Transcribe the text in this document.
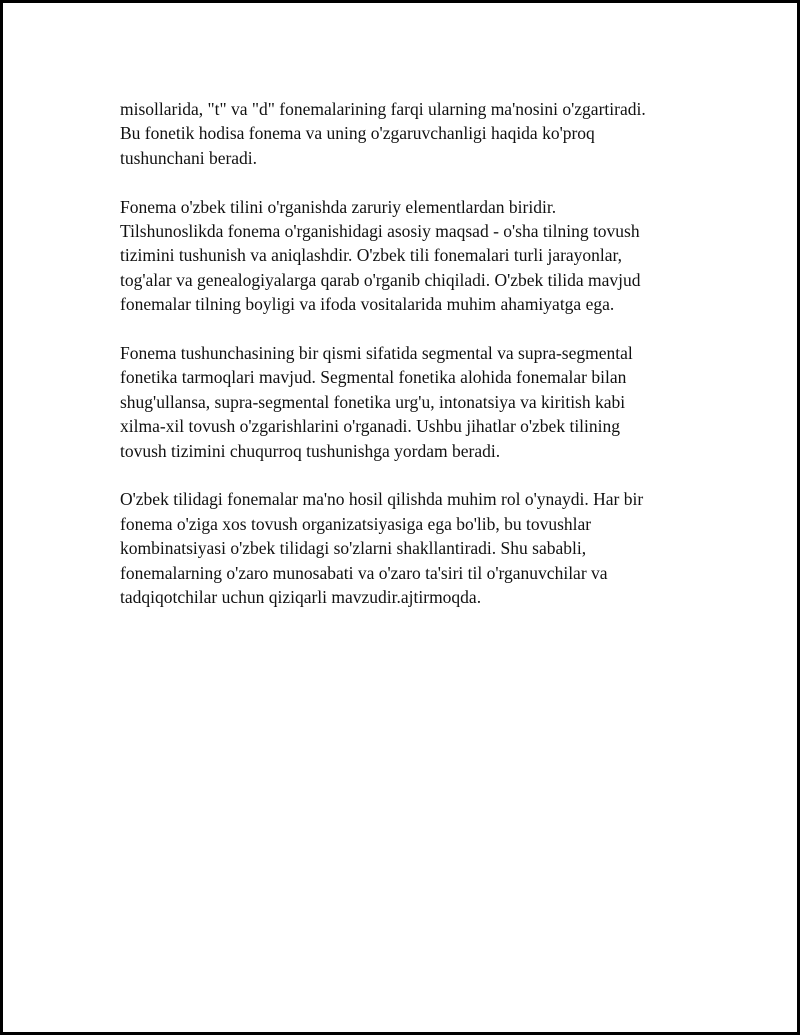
misollarida, "t" va "d" fonemalarining farqi ularning ma'nosini o'zgartiradi.
Bu fonetik hodisa fonema va uning o'zgaruvchanligi haqida ko'proq
tushunchani beradi.

Fonema o'zbek tilini o'rganishda zaruriy elementlardan biridir.
Tilshunoslikda fonema o'rganishidagi asosiy maqsad - o'sha tilning tovush
tizimini tushunish va aniqlashdir. O'zbek tili fonemalari turli jarayonlar,
tog'alar va genealogiyalarga qarab o'rganib chiqiladi. O'zbek tilida mavjud
fonemalar tilning boyligi va ifoda vositalarida muhim ahamiyatga ega.

Fonema tushunchasining bir qismi sifatida segmental va supra-segmental
fonetika tarmoqlari mavjud. Segmental fonetika alohida fonemalar bilan
shug'ullansa, supra-segmental fonetika urg'u, intonatsiya va kiritish kabi
xilma-xil tovush o'zgarishlarini o'rganadi. Ushbu jihatlar o'zbek tilining
tovush tizimini chuqurroq tushunishga yordam beradi.

O'zbek tilidagi fonemalar ma'no hosil qilishda muhim rol o'ynaydi. Har bir
fonema o'ziga xos tovush organizatsiyasiga ega bo'lib, bu tovushlar
kombinatsiyasi o'zbek tilidagi so'zlarni shakllantiradi. Shu sababli,
fonemalarning o'zaro munosabati va o'zaro ta'siri til o'rganuvchilar va
tadqiqotchilar uchun qiziqarli mavzudir.ajtirmoqda.
